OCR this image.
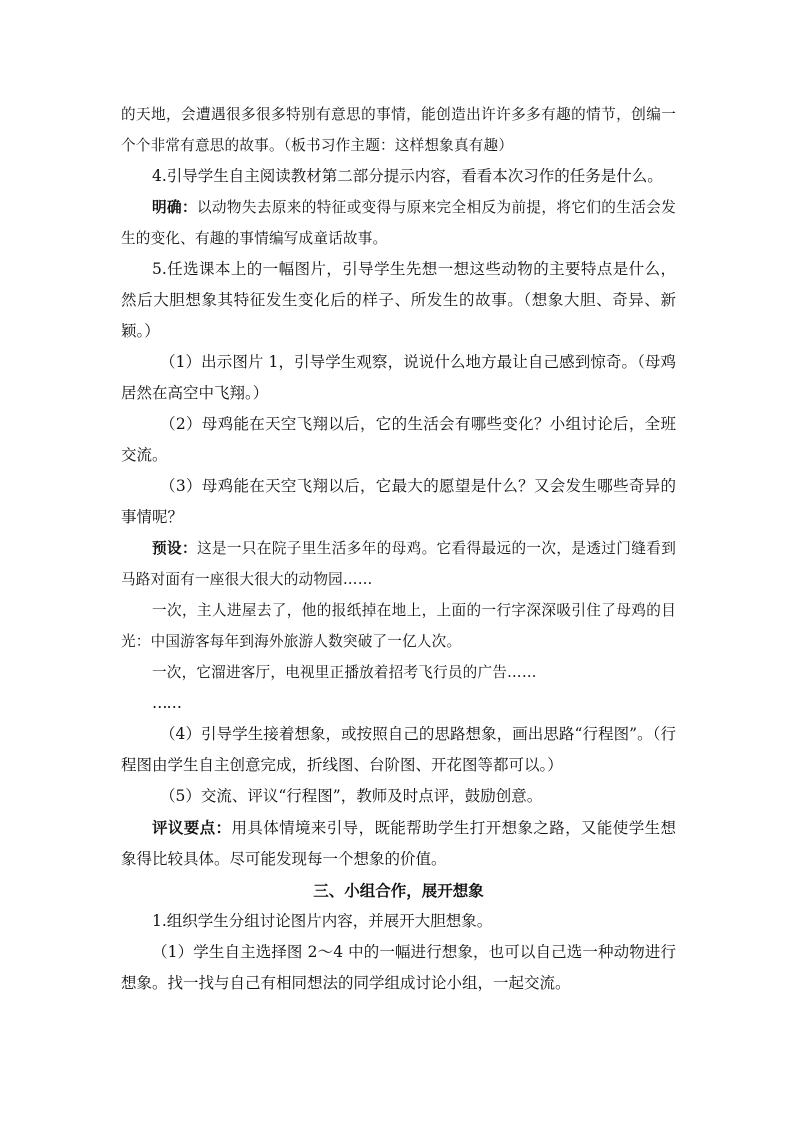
的天地，会遭遇很多很多特别有意思的事情，能创造出许许多多有趣的情节，创编一个个非常有意思的故事。（板书习作主题：这样想象真有趣）

4.引导学生自主阅读教材第二部分提示内容，看看本次习作的任务是什么。

明确：以动物失去原来的特征或变得与原来完全相反为前提，将它们的生活会发生的变化、有趣的事情编写成童话故事。

5.任选课本上的一幅图片，引导学生先想一想这些动物的主要特点是什么，然后大胆想象其特征发生变化后的样子、所发生的故事。（想象大胆、奇异、新颖。）

（1）出示图片 1，引导学生观察，说说什么地方最让自己感到惊奇。（母鸡居然在高空中飞翔。）

（2）母鸡能在天空飞翔以后，它的生活会有哪些变化？小组讨论后，全班交流。

（3）母鸡能在天空飞翔以后，它最大的愿望是什么？又会发生哪些奇异的事情呢？

预设：这是一只在院子里生活多年的母鸡。它看得最远的一次，是透过门缝看到马路对面有一座很大很大的动物园……

一次，主人进屋去了，他的报纸掉在地上，上面的一行字深深吸引住了母鸡的目光：中国游客每年到海外旅游人数突破了一亿人次。

一次，它溜进客厅，电视里正播放着招考飞行员的广告……

……

（4）引导学生接着想象，或按照自己的思路想象，画出思路“行程图”。（行程图由学生自主创意完成，折线图、台阶图、开花图等都可以。）

（5）交流、评议“行程图”，教师及时点评，鼓励创意。

评议要点：用具体情境来引导，既能帮助学生打开想象之路，又能使学生想象得比较具体。尽可能发现每一个想象的价值。

三、小组合作，展开想象

1.组织学生分组讨论图片内容，并展开大胆想象。

（1）学生自主选择图 2～4 中的一幅进行想象，也可以自己选一种动物进行想象。找一找与自己有相同想法的同学组成讨论小组，一起交流。
